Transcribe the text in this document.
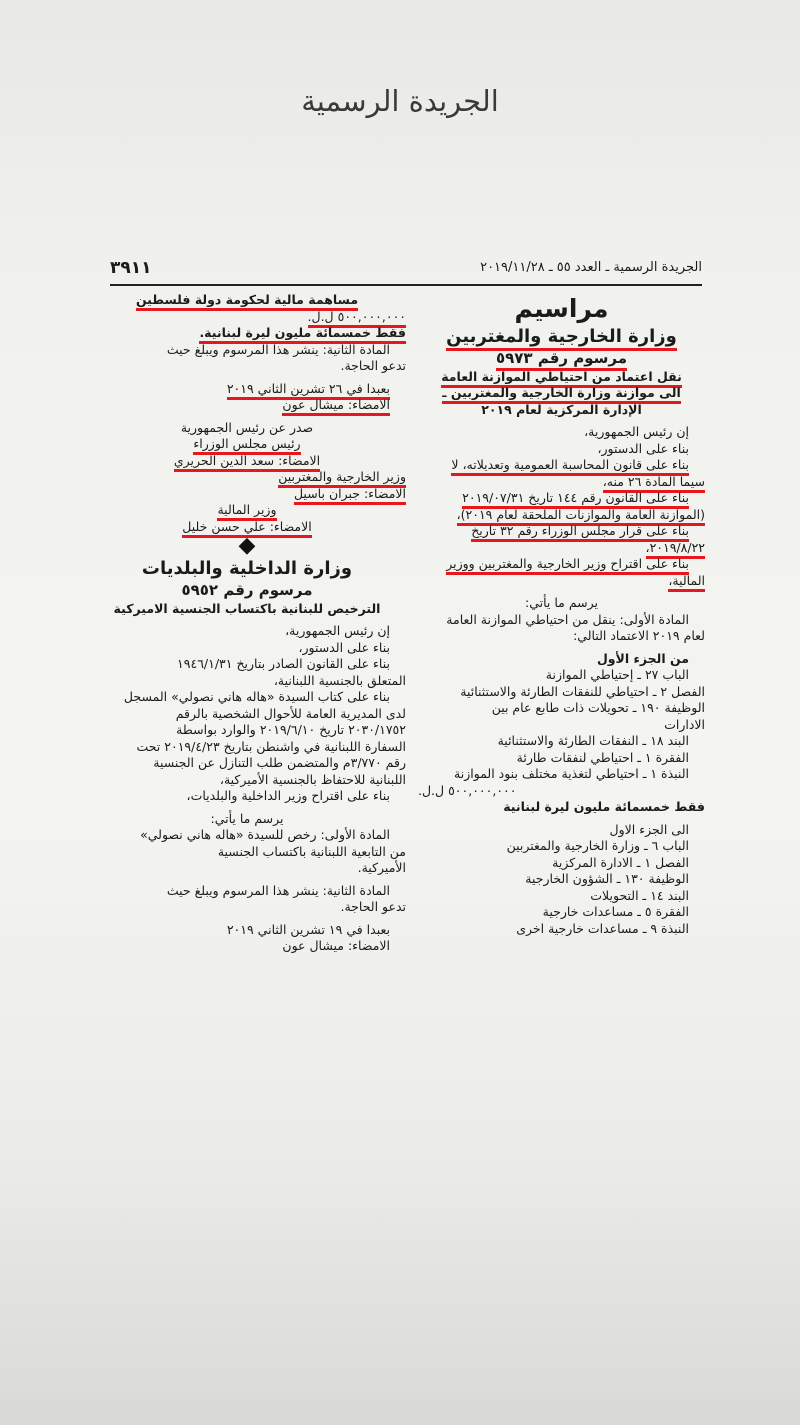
الجريدة الرسمية
٣٩١١	الجريدة الرسمية ـ العدد ٥٥ ـ ٢٠١٩/١١/٢٨

مراسيم

وزارة الخارجية والمغتربين

مرسوم رقم ٥٩٧٣

نقل اعتماد من احتياطي الموازنة العامة

الى موازنة وزارة الخارجية والمغتربين ـ

الإدارة المركزية لعام ٢٠١٩

إن رئيس الجمهورية،

بناء على الدستور،

بناء على قانون المحاسبة العمومية وتعديلاته، لا

سيما المادة ٢٦ منه،

بناء على القانون رقم ١٤٤ تاريخ ٢٠١٩/٠٧/٣١

(الموازنة العامة والموازنات الملحقة لعام ٢٠١٩)،

بناء على قرار مجلس الوزراء رقم ٣٢ تاريخ

٢٠١٩/٨/٢٢،

بناء على اقتراح وزير الخارجية والمغتربين ووزير

المالية،

يرسم ما يأتي:

المادة الأولى: ينقل من احتياطي الموازنة العامة

لعام ٢٠١٩ الاعتماد التالي:

من الجزء الأول

الباب ٢٧ ـ إحتياطي الموازنة

الفصل ٢ ـ احتياطي للنفقات الطارئة والاستثنائية

الوظيفة ١٩٠ ـ تحويلات ذات طابع عام بين

الادارات

البند ١٨ ـ النفقات الطارئة والاستثنائية

الفقرة ١ ـ احتياطي لنفقات طارئة

النبذة ١ ـ احتياطي لتغذية مختلف بنود الموازنة

٥٠٠,٠٠٠,٠٠٠ ل.ل.

فقط خمسمائة مليون ليرة لبنانية

الى الجزء الاول

الباب ٦ ـ وزارة الخارجية والمغتربين

الفصل ١ ـ الادارة المركزية

الوظيفة ١٣٠ ـ الشؤون الخارجية

البند ١٤ ـ التحويلات

الفقرة ٥ ـ مساعدات خارجية

النبذة ٩ ـ مساعدات خارجية اخرى

مساهمة مالية لحكومة دولة فلسطين

٥٠٠,٠٠٠,٠٠٠ ل.ل.

فقط خمسمائة مليون ليرة لبنانية.

المادة الثانية: ينشر هذا المرسوم ويبلغ حيث

تدعو الحاجة.

بعبدا في ٢٦ تشرين الثاني ٢٠١٩

الامضاء: ميشال عون

صدر عن رئيس الجمهورية

رئيس مجلس الوزراء

الامضاء: سعد الدين الحريري

وزير الخارجية والمغتربين

الامضاء: جبران باسيل

وزير المالية

الامضاء: علي حسن خليل

◆

وزارة الداخلية والبلديات

مرسوم رقم ٥٩٥٢

الترخيص للبنانية باكتساب الجنسية الاميركية

إن رئيس الجمهورية،

بناء على الدستور،

بناء على القانون الصادر بتاريخ ١٩٤٦/١/٣١

المتعلق بالجنسية اللبنانية،

بناء على كتاب السيدة «هاله هاني نصولي» المسجل

لدى المديرية العامة للأحوال الشخصية بالرقم

٢٠٣٠/١٧٥٢ تاريخ ٢٠١٩/٦/١٠ والوارد بواسطة

السفارة اللبنانية في واشنطن بتاريخ ٢٠١٩/٤/٢٣ تحت

رقم ٣/٧٧٠م والمتضمن طلب التنازل عن الجنسية

اللبنانية للاحتفاظ بالجنسية الأميركية،

بناء على اقتراح وزير الداخلية والبلديات،

يرسم ما يأتي:

المادة الأولى: رخص للسيدة «هاله هاني نصولي»

من التابعية اللبنانية باكتساب الجنسية

الأميركية.

المادة الثانية: ينشر هذا المرسوم ويبلغ حيث

تدعو الحاجة.

بعبدا في ١٩ تشرين الثاني ٢٠١٩

الامضاء: ميشال عون
